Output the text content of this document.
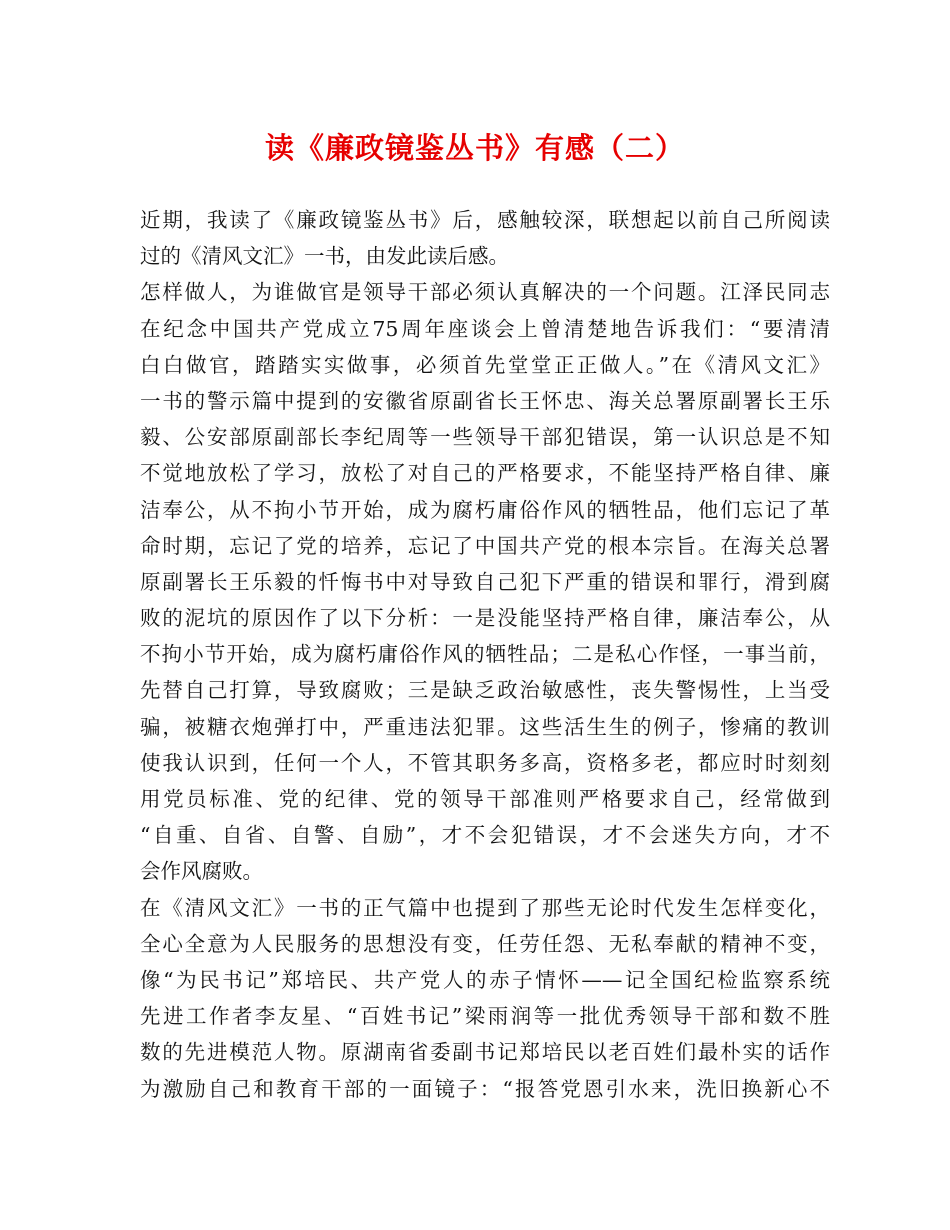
读《廉政镜鉴丛书》有感（二）
近期，我读了《廉政镜鉴丛书》后，感触较深，联想起以前自己所阅读
过的《清风文汇》一书，由发此读后感。
怎样做人，为谁做官是领导干部必须认真解决的一个问题。江泽民同志
在纪念中国共产党成立75周年座谈会上曾清楚地告诉我们：“要清清
白白做官，踏踏实实做事，必须首先堂堂正正做人。”在《清风文汇》
一书的警示篇中提到的安徽省原副省长王怀忠、海关总署原副署长王乐
毅、公安部原副部长李纪周等一些领导干部犯错误，第一认识总是不知
不觉地放松了学习，放松了对自己的严格要求，不能坚持严格自律、廉
洁奉公，从不拘小节开始，成为腐朽庸俗作风的牺牲品，他们忘记了革
命时期，忘记了党的培养，忘记了中国共产党的根本宗旨。在海关总署
原副署长王乐毅的忏悔书中对导致自己犯下严重的错误和罪行，滑到腐
败的泥坑的原因作了以下分析：一是没能坚持严格自律，廉洁奉公，从
不拘小节开始，成为腐朽庸俗作风的牺牲品；二是私心作怪，一事当前，
先替自己打算，导致腐败；三是缺乏政治敏感性，丧失警惕性，上当受
骗，被糖衣炮弹打中，严重违法犯罪。这些活生生的例子，惨痛的教训
使我认识到，任何一个人，不管其职务多高，资格多老，都应时时刻刻
用党员标准、党的纪律、党的领导干部准则严格要求自己，经常做到
“自重、自省、自警、自励”，才不会犯错误，才不会迷失方向，才不
会作风腐败。
在《清风文汇》一书的正气篇中也提到了那些无论时代发生怎样变化，
全心全意为人民服务的思想没有变，任劳任怨、无私奉献的精神不变，
像“为民书记”郑培民、共产党人的赤子情怀——记全国纪检监察系统
先进工作者李友星、“百姓书记”梁雨润等一批优秀领导干部和数不胜
数的先进模范人物。原湖南省委副书记郑培民以老百姓们最朴实的话作
为激励自己和教育干部的一面镜子：“报答党恩引水来，洗旧换新心不
